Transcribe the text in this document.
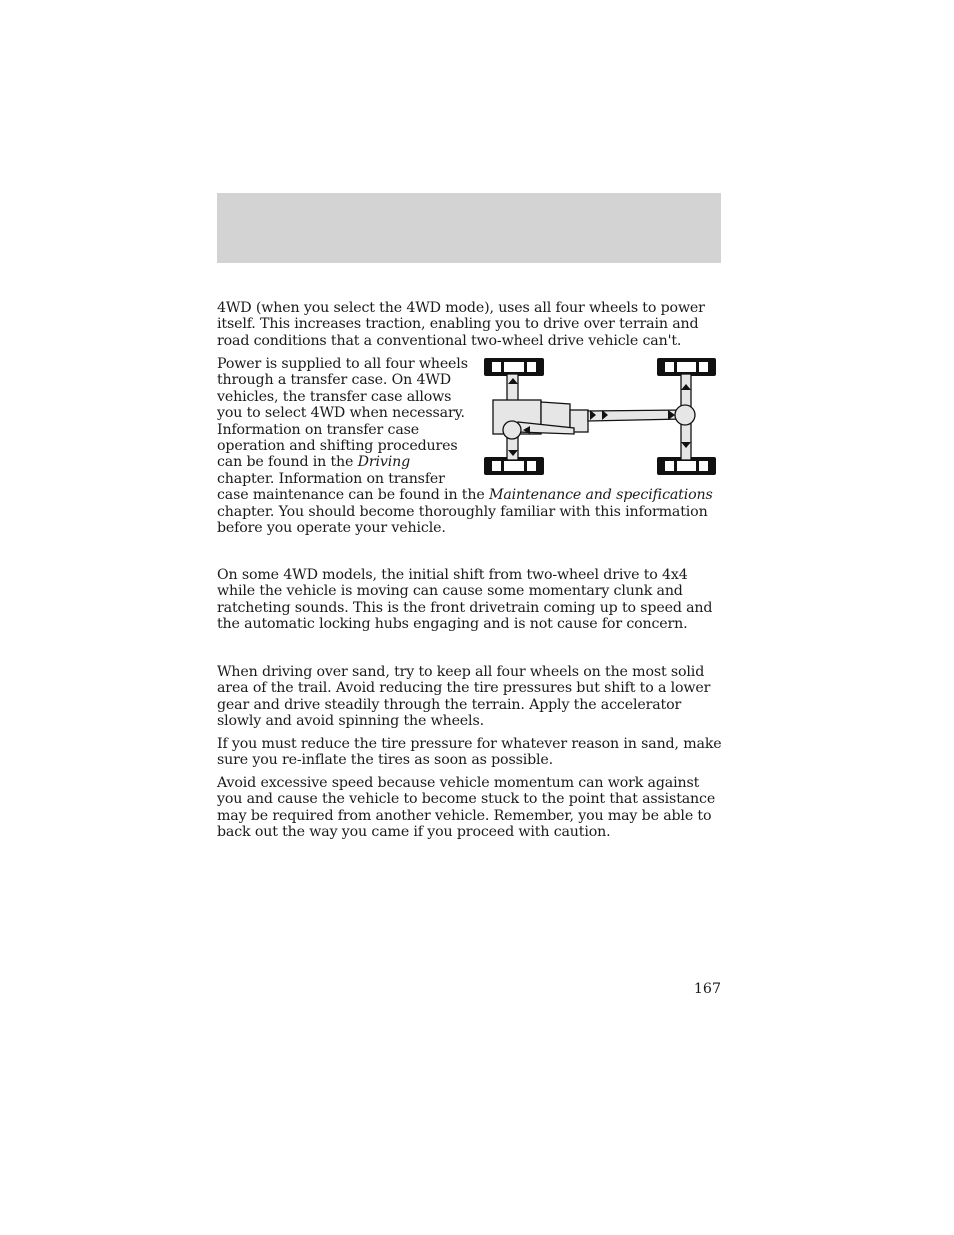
4WD (when you select the 4WD mode), uses all four wheels to power itself. This increases traction, enabling you to drive over terrain and road conditions that a conventional two-wheel drive vehicle can't.

Power is supplied to all four wheels
through a transfer case. On 4WD
vehicles, the transfer case allows
you to select 4WD when necessary.
Information on transfer case
operation and shifting procedures
can be found in the Driving
chapter. Information on transfer
case maintenance can be found in the Maintenance and specifications
chapter. You should become thoroughly familiar with this information
before you operate your vehicle.

On some 4WD models, the initial shift from two-wheel drive to 4x4 while the vehicle is moving can cause some momentary clunk and ratcheting sounds. This is the front drivetrain coming up to speed and the automatic locking hubs engaging and is not cause for concern.

When driving over sand, try to keep all four wheels on the most solid area of the trail. Avoid reducing the tire pressures but shift to a lower gear and drive steadily through the terrain. Apply the accelerator slowly and avoid spinning the wheels.

If you must reduce the tire pressure for whatever reason in sand, make sure you re-inflate the tires as soon as possible.

Avoid excessive speed because vehicle momentum can work against you and cause the vehicle to become stuck to the point that assistance may be required from another vehicle. Remember, you may be able to back out the way you came if you proceed with caution.

167
